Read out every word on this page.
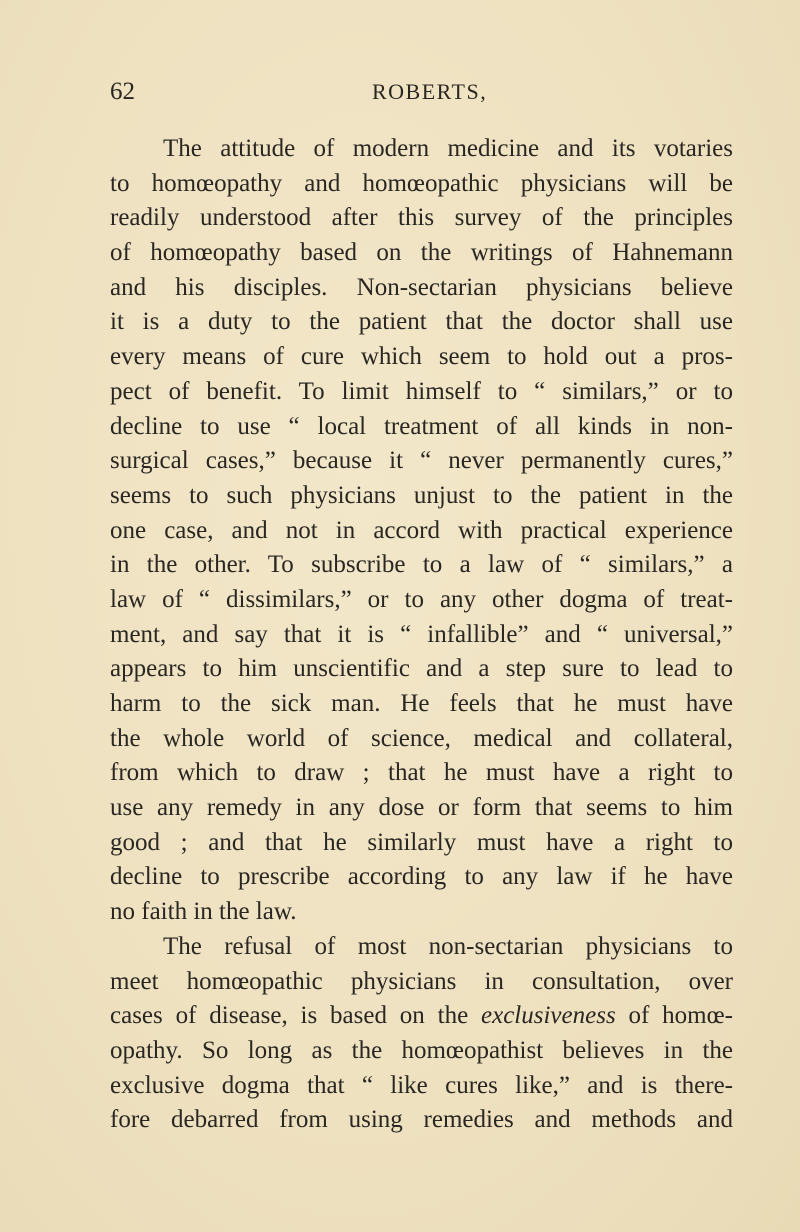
62	ROBERTS,
The attitude of modern medicine and its votaries
to homœopathy and homœopathic physicians will be
readily understood after this survey of the principles
of homœopathy based on the writings of Hahnemann
and his disciples. Non-sectarian physicians believe
it is a duty to the patient that the doctor shall use
every means of cure which seem to hold out a pros-
pect of benefit. To limit himself to “ similars,” or to
decline to use “ local treatment of all kinds in non-
surgical cases,” because it “ never permanently cures,”
seems to such physicians unjust to the patient in the
one case, and not in accord with practical experience
in the other. To subscribe to a law of “ similars,” a
law of “ dissimilars,” or to any other dogma of treat-
ment, and say that it is “ infallible” and “ universal,”
appears to him unscientific and a step sure to lead to
harm to the sick man. He feels that he must have
the whole world of science, medical and collateral,
from which to draw ; that he must have a right to
use any remedy in any dose or form that seems to him
good ; and that he similarly must have a right to
decline to prescribe according to any law if he have
no faith in the law.
The refusal of most non-sectarian physicians to
meet homœopathic physicians in consultation, over
cases of disease, is based on the exclusiveness of homœ-
opathy. So long as the homœopathist believes in the
exclusive dogma that “ like cures like,” and is there-
fore debarred from using remedies and methods and
